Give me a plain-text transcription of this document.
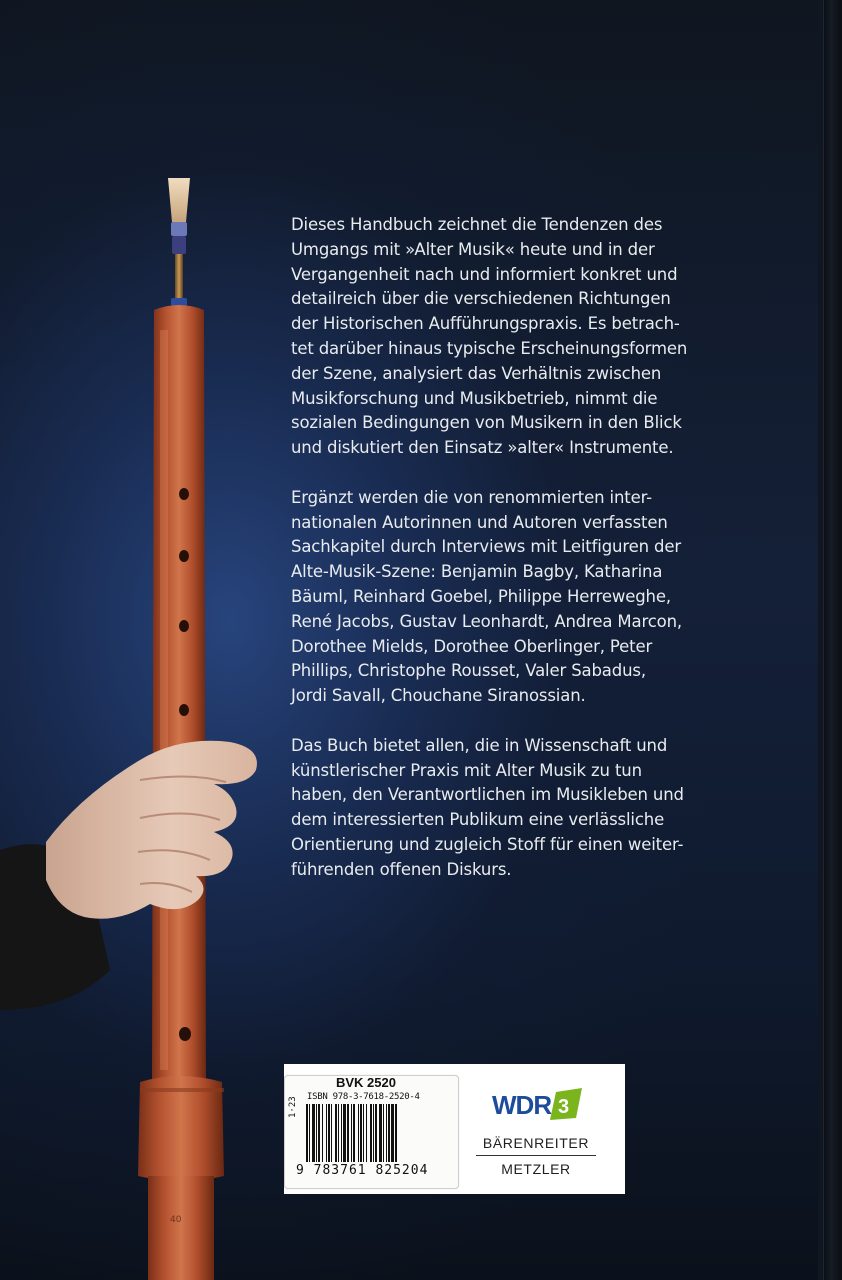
40

Dieses Handbuch zeichnet die Tendenzen des
Umgangs mit »Alter Musik« heute und in der
Vergangenheit nach und informiert konkret und
detailreich über die verschiedenen Richtungen
der Historischen Aufführungspraxis. Es betrach-
tet darüber hinaus typische Erscheinungsformen
der Szene, analysiert das Verhältnis zwischen
Musikforschung und Musikbetrieb, nimmt die
sozialen Bedingungen von Musikern in den Blick
und diskutiert den Einsatz »alter« Instrumente.

Ergänzt werden die von renommierten inter-
nationalen Autorinnen und Autoren verfassten
Sachkapitel durch Interviews mit Leitfiguren der
Alte-Musik-Szene: Benjamin Bagby, Katharina
Bäuml, Reinhard Goebel, Philippe Herreweghe,
René Jacobs, Gustav Leonhardt, Andrea Marcon,
Dorothee Mields, Dorothee Oberlinger, Peter
Phillips, Christophe Rousset, Valer Sabadus,
Jordi Savall, Chouchane Siranossian.

Das Buch bietet allen, die in Wissenschaft und
künstlerischer Praxis mit Alter Musik zu tun
haben, den Verantwortlichen im Musikleben und
dem interessierten Publikum eine verlässliche
Orientierung und zugleich Stoff für einen weiter-
führenden offenen Diskurs.

BVK 2520
ISBN 978-3-7618-2520-4
1·23
9 783761 825204
WDR 3
BÄRENREITER
METZLER
